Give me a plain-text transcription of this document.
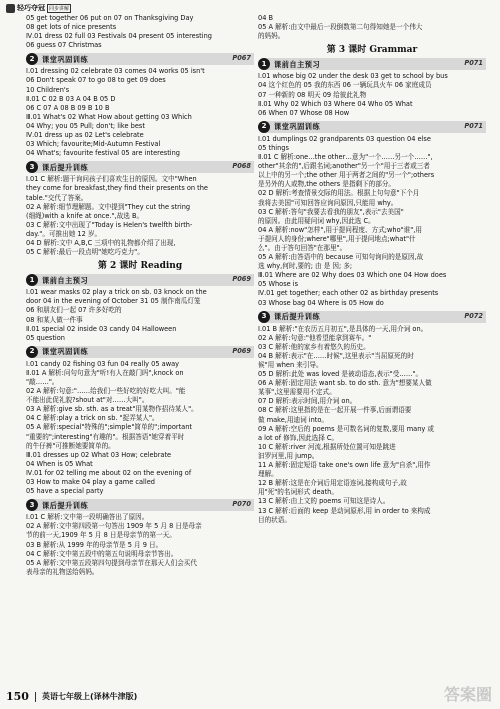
轻巧夺冠 同步讲解
05 get together 06 put on 07 on Thanksgiving Day
08 get lots of nice presents
Ⅳ.01 dress 02 full 03 Festivals 04 present 05 interesting
06 guess 07 Christmas
2	课堂巩固训练	P067
Ⅰ.01 dressing 02 celebrate 03 comes 04 works 05 isn't
06 Don't speak 07 to go 08 to get 09 does
10 Children's
Ⅱ.01 C 02 B 03 A 04 B 05 D
06 C 07 A 08 B 09 B 10 B
Ⅲ.01 What's 02 What How about getting 03 Which
04 Why; you 05 Pull; don't; like best
Ⅳ.01 dress up as 02 Let's celebrate
03 Which; favourite;Mid-Autumn Festival
04 What's; favourite festival 05 are interesting
3	课后提升训练	P068
Ⅰ.01 C 解析:题干询问孩子们喜欢生日的原因。文中"When
they come for breakfast,they find their presents on the
table."交代了答案。
02 A 解析:细节理解题。文中提到"They cut the string
(细绳)with a knife at once.",故选 B。
03 C 解析:文中出现了"Today is Helen's twelfth birth-
day."。可推出她 12 岁。
04 D 解析:文中 A,B,C 三项中的礼物都介绍了出现,
05 C 解析:最后一段点明"她吃巧克力"。
第 2 课时 Reading
1	课前自主预习	P069
Ⅰ.01 wear masks 02 play a trick on sb. 03 knock on the
door 04 in the evening of October 31 05 制作南瓜灯笼
06 和朋友们一起 07 许多好吃的
08 和某人做一件事
Ⅱ.01 special 02 inside 03 candy 04 Halloween
05 question
2	课堂巩固训练	P069
Ⅰ.01 candy 02 fishing 03 fun 04 really 05 away
Ⅱ.01 A 解析:问句句意为"听!有人在敲门吗",knock on
"敲……"。
02 A 解析:句意:"……给我们一些好吃的好吃大叫。"能
不能出此促礼貌?shout at"对……大叫"。
03 A 解析:give sb. sth. as a treat"用某物作招待某人"。
04 C 解析:play a trick on sb. "捉弄某人"。
05 A 解析:special"特殊的";simple"简单的";important
"重要的";interesting"有趣的"。根据答语"她穿着平时
的牛仔裤"可推断她要简单的。
Ⅲ.01 dresses up 02 What 03 How; celebrate
04 When is 05 What
Ⅳ.01 for 02 telling me about 02 on the evening of
03 How to make 04 play a game called
05 have a special party
3	课后提升训练	P070
Ⅰ.01 C 解析:文中第一段明确答出了原因。
02 A 解析:文中第四段第一句答出 1909 年 5 月 8 日是母亲
节的前一天,1909 年 5 月 8 日是母亲节的第一天。
03 B 解析:从 1999 年的母亲节是 5 月 9 日。
04 C 解析:文中第五段中的第五句说明母亲节答出。
05 A 解析:文中第五段第四句提到母亲节在那天人们会买代
表母亲的礼物送给妈妈。
04 B
05 A 解析:由文中最后一段倒数第二句得知她是一个伟大
的妈妈。
第 3 课时 Grammar
1	课前自主预习	P071
Ⅰ.01 whose big 02 under the desk 03 get to school by bus
04 这个红色的 05 我的东西 06 一辆玩具火车 06 家庭成员
07 一种新的 08 明天 09 给彼此礼物
Ⅱ.01 Why 02 Which 03 Where 04 Who 05 What
06 When 07 Whose 08 How
2	课堂巩固训练	P071
Ⅰ.01 dumplings 02 grandparents 03 question 04 else
05 things
Ⅱ.01 C 解析:one…the other…意为"一个……另一个……",
other"其余的",后跟名词;another"另一个"用于三者或三者
以上中的另一个;the other 用于两者之间的"另一个";others
是另外的人或物,the others 是指剩下的部分。
02 D 解析:考查情景交际的用法。根据上句句意"下个月
我将去美国"可知回答应询问原因,只能用 why。
03 C 解析:答句"我要去看我的朋友",表示"去美国"
的原因。由此用疑问词 why,因此选 C。
04 A 解析:now"怎样",用于提问程度、方式;who"谁",用
于提问人的身份;where"哪里",用于提问地点;what"什
么"。由于答句回答"在那里"。
05 A 解析:由答语中的 because 可知句询问的是原因,故
选 why,何时,要的; 由 是 因; 多;
Ⅲ.01 Where are 02 Why does 03 Which one 04 How does
05 Whose is
Ⅳ.01 get together; each other 02 as birthday presents
03 Whose bag 04 Where is 05 How do
3	课后提升训练	P072
Ⅰ.01 B 解析:"在农历五月初五",是具体的一天,用介词 on。
02 A 解析:句意:"他希望能拿到赛车。"
03 C 解析:他的家乡有着悠久的历史。
04 B 解析:表示"在……时候",这里表示"当屈原死的时
候"用 when 来引导。
05 D 解析:此处 was loved 是被动语态,表示"受……"。
06 A 解析:固定用法 want sb. to do sth. 意为"想要某人做
某事",这里需要用不定式。
07 D 解析:表示时间,用介词 on。
08 C 解析:这里指的是在一起开展一件事,后面谓语要
做 make,用迪词 into。
09 A 解析:空后的 poems 是可数名词的复数,要用 many 或
a lot of 修饰,因此选择 C。
10 C 解析:river 河流,根据所处位置可知是跳进
汩罗河里,用 jump。
11 A 解析:固定短语 take one's own life 意为"自杀",用作
理解。
12 B 解析:这是在介词后用定语连词,接构成句子,故
用"死"的名词形式 death。
13 C 解析:由上文的 poems 可知这是诗人。
13 C 解析:后面的 keep 是动词原形,用 in order to 来构成
目的状语。
150 英语七年级上(译林牛津版)	答案圈
